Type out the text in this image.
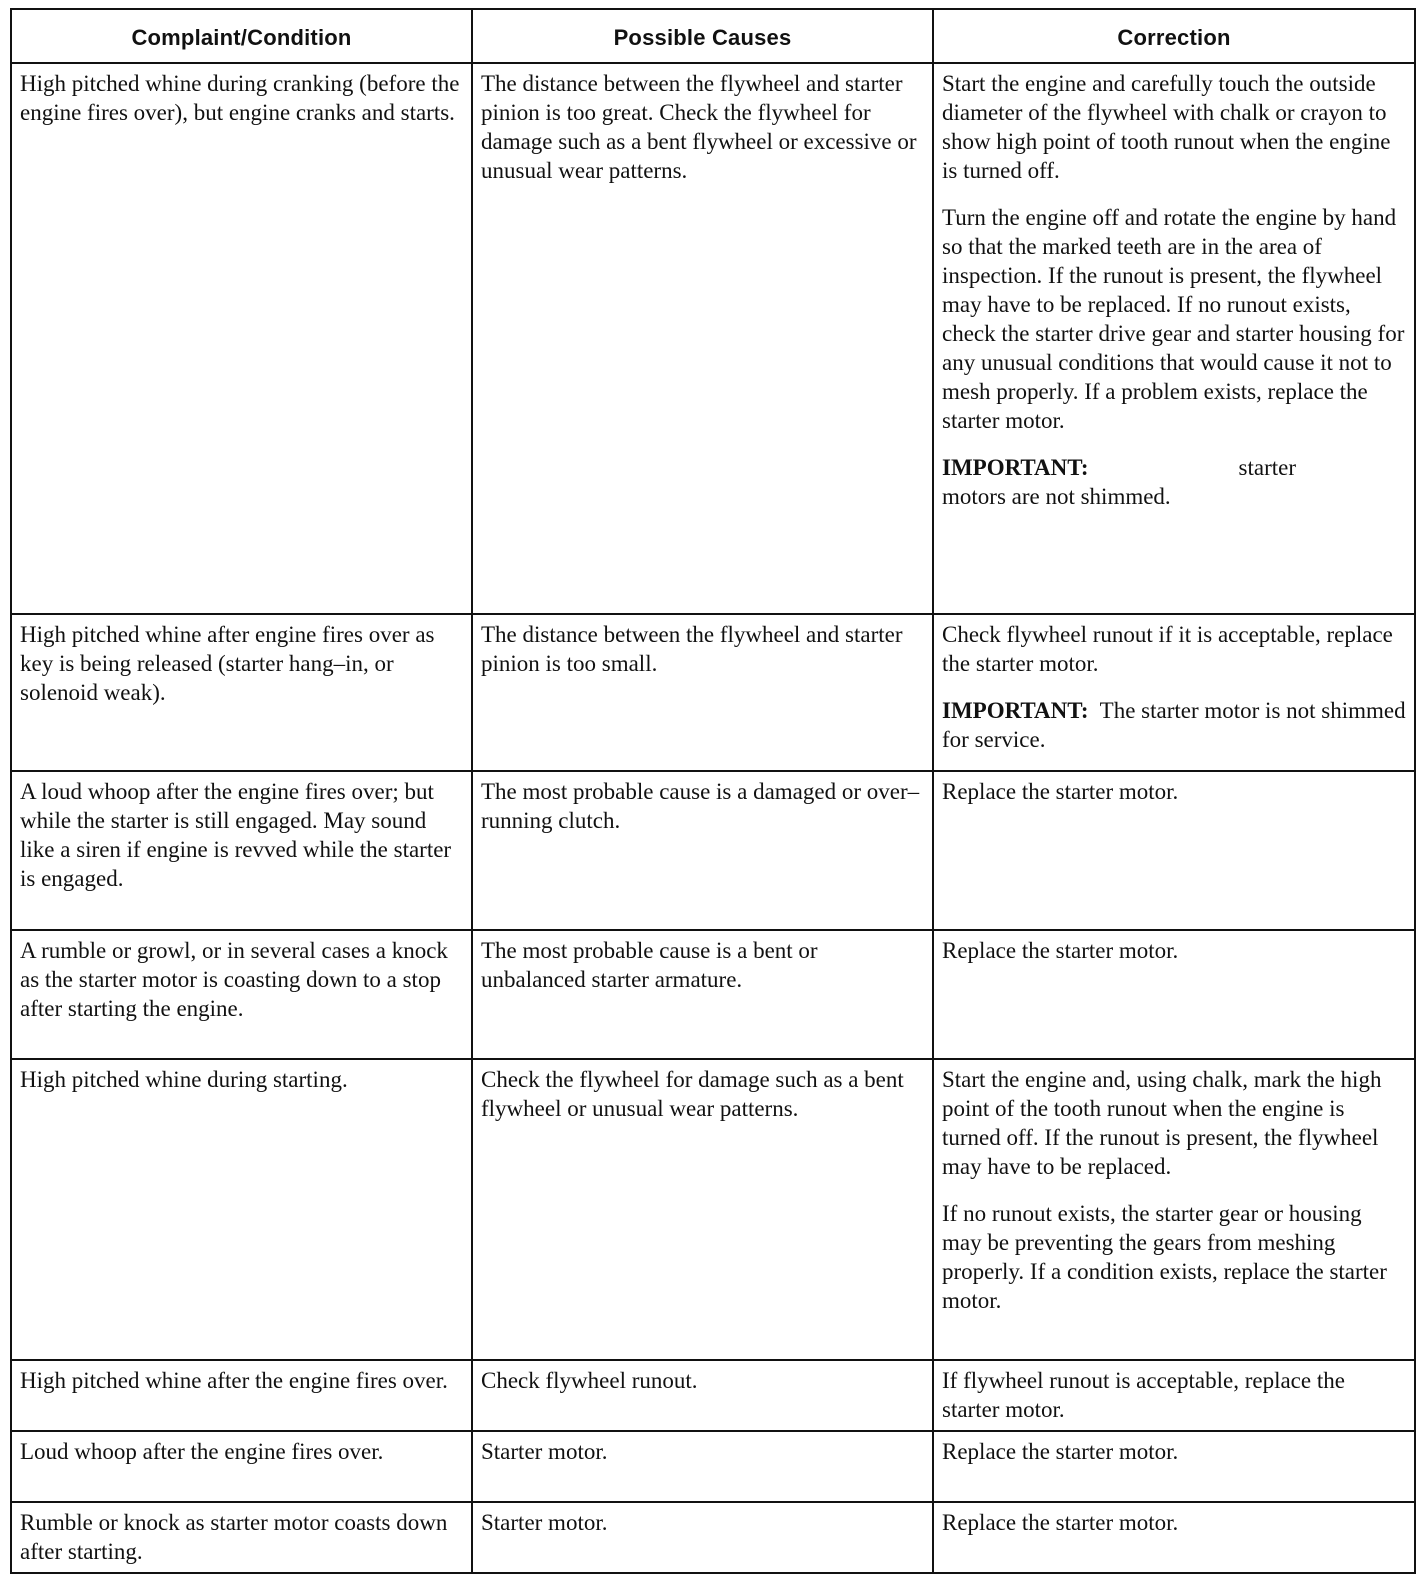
Complaint/Condition	Possible Causes	Correction
High pitched whine during cranking (before the engine fires over), but engine cranks and starts.	The distance between the flywheel and starter pinion is too great. Check the flywheel for damage such as a bent flywheel or excessive or unusual wear patterns.	Start the engine and carefully touch the outside diameter of the flywheel with chalk or crayon to show high point of tooth runout when the engine is turned off.

Turn the engine off and rotate the engine by hand so that the marked teeth are in the area of inspection. If the runout is present, the flywheel may have to be replaced. If no runout exists, check the starter drive gear and starter housing for any unusual conditions that would cause it not to mesh properly. If a problem exists, replace the starter motor.

IMPORTANT: starter
motors are not shimmed.

High pitched whine after engine fires over as key is being released (starter hang–in, or solenoid weak).	The distance between the flywheel and starter pinion is too small.	Check flywheel runout if it is acceptable, replace the starter motor.

IMPORTANT: The starter motor is not shimmed for service.

A loud whoop after the engine fires over; but while the starter is still engaged. May sound like a siren if engine is revved while the starter is engaged.	The most probable cause is a damaged or over–running clutch.	Replace the starter motor.
A rumble or growl, or in several cases a knock as the starter motor is coasting down to a stop after starting the engine.	The most probable cause is a bent or unbalanced starter armature.	Replace the starter motor.
High pitched whine during starting.	Check the flywheel for damage such as a bent flywheel or unusual wear patterns.	Start the engine and, using chalk, mark the high point of the tooth runout when the engine is turned off. If the runout is present, the flywheel may have to be replaced.

If no runout exists, the starter gear or housing may be preventing the gears from meshing properly. If a condition exists, replace the starter motor.

High pitched whine after the engine fires over.	Check flywheel runout.	If flywheel runout is acceptable, replace the starter motor.
Loud whoop after the engine fires over.	Starter motor.	Replace the starter motor.
Rumble or knock as starter motor coasts down after starting.	Starter motor.	Replace the starter motor.
